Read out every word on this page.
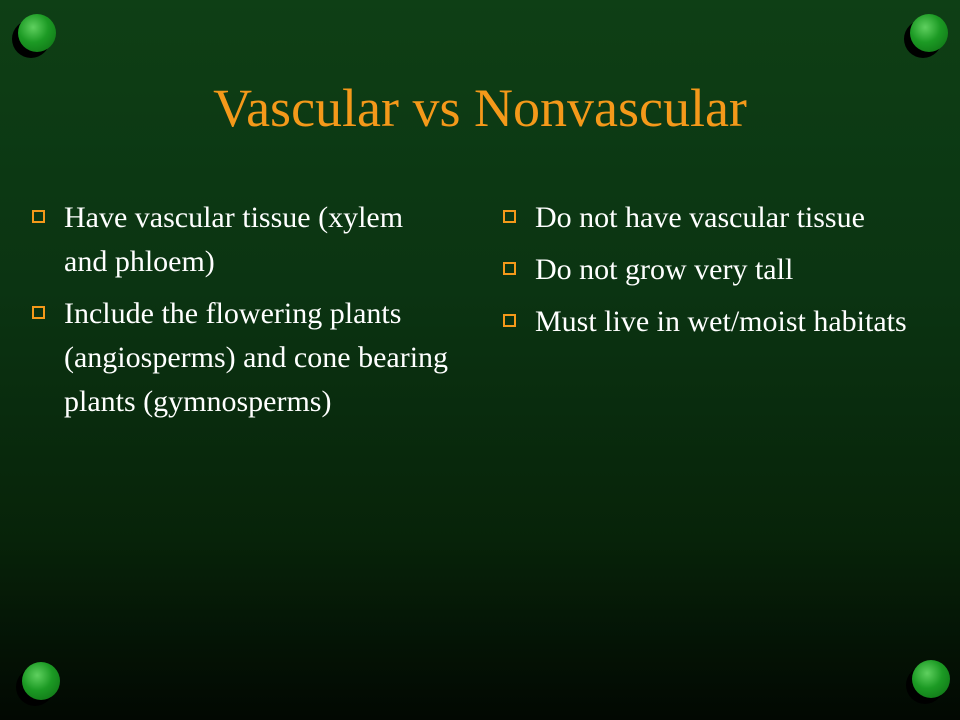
Vascular vs Nonvascular
Have vascular tissue (xylem and phloem)
Include the flowering plants (angiosperms) and cone bearing plants (gymnosperms)
Do not have vascular tissue
Do not grow very tall
Must live in wet/moist habitats
